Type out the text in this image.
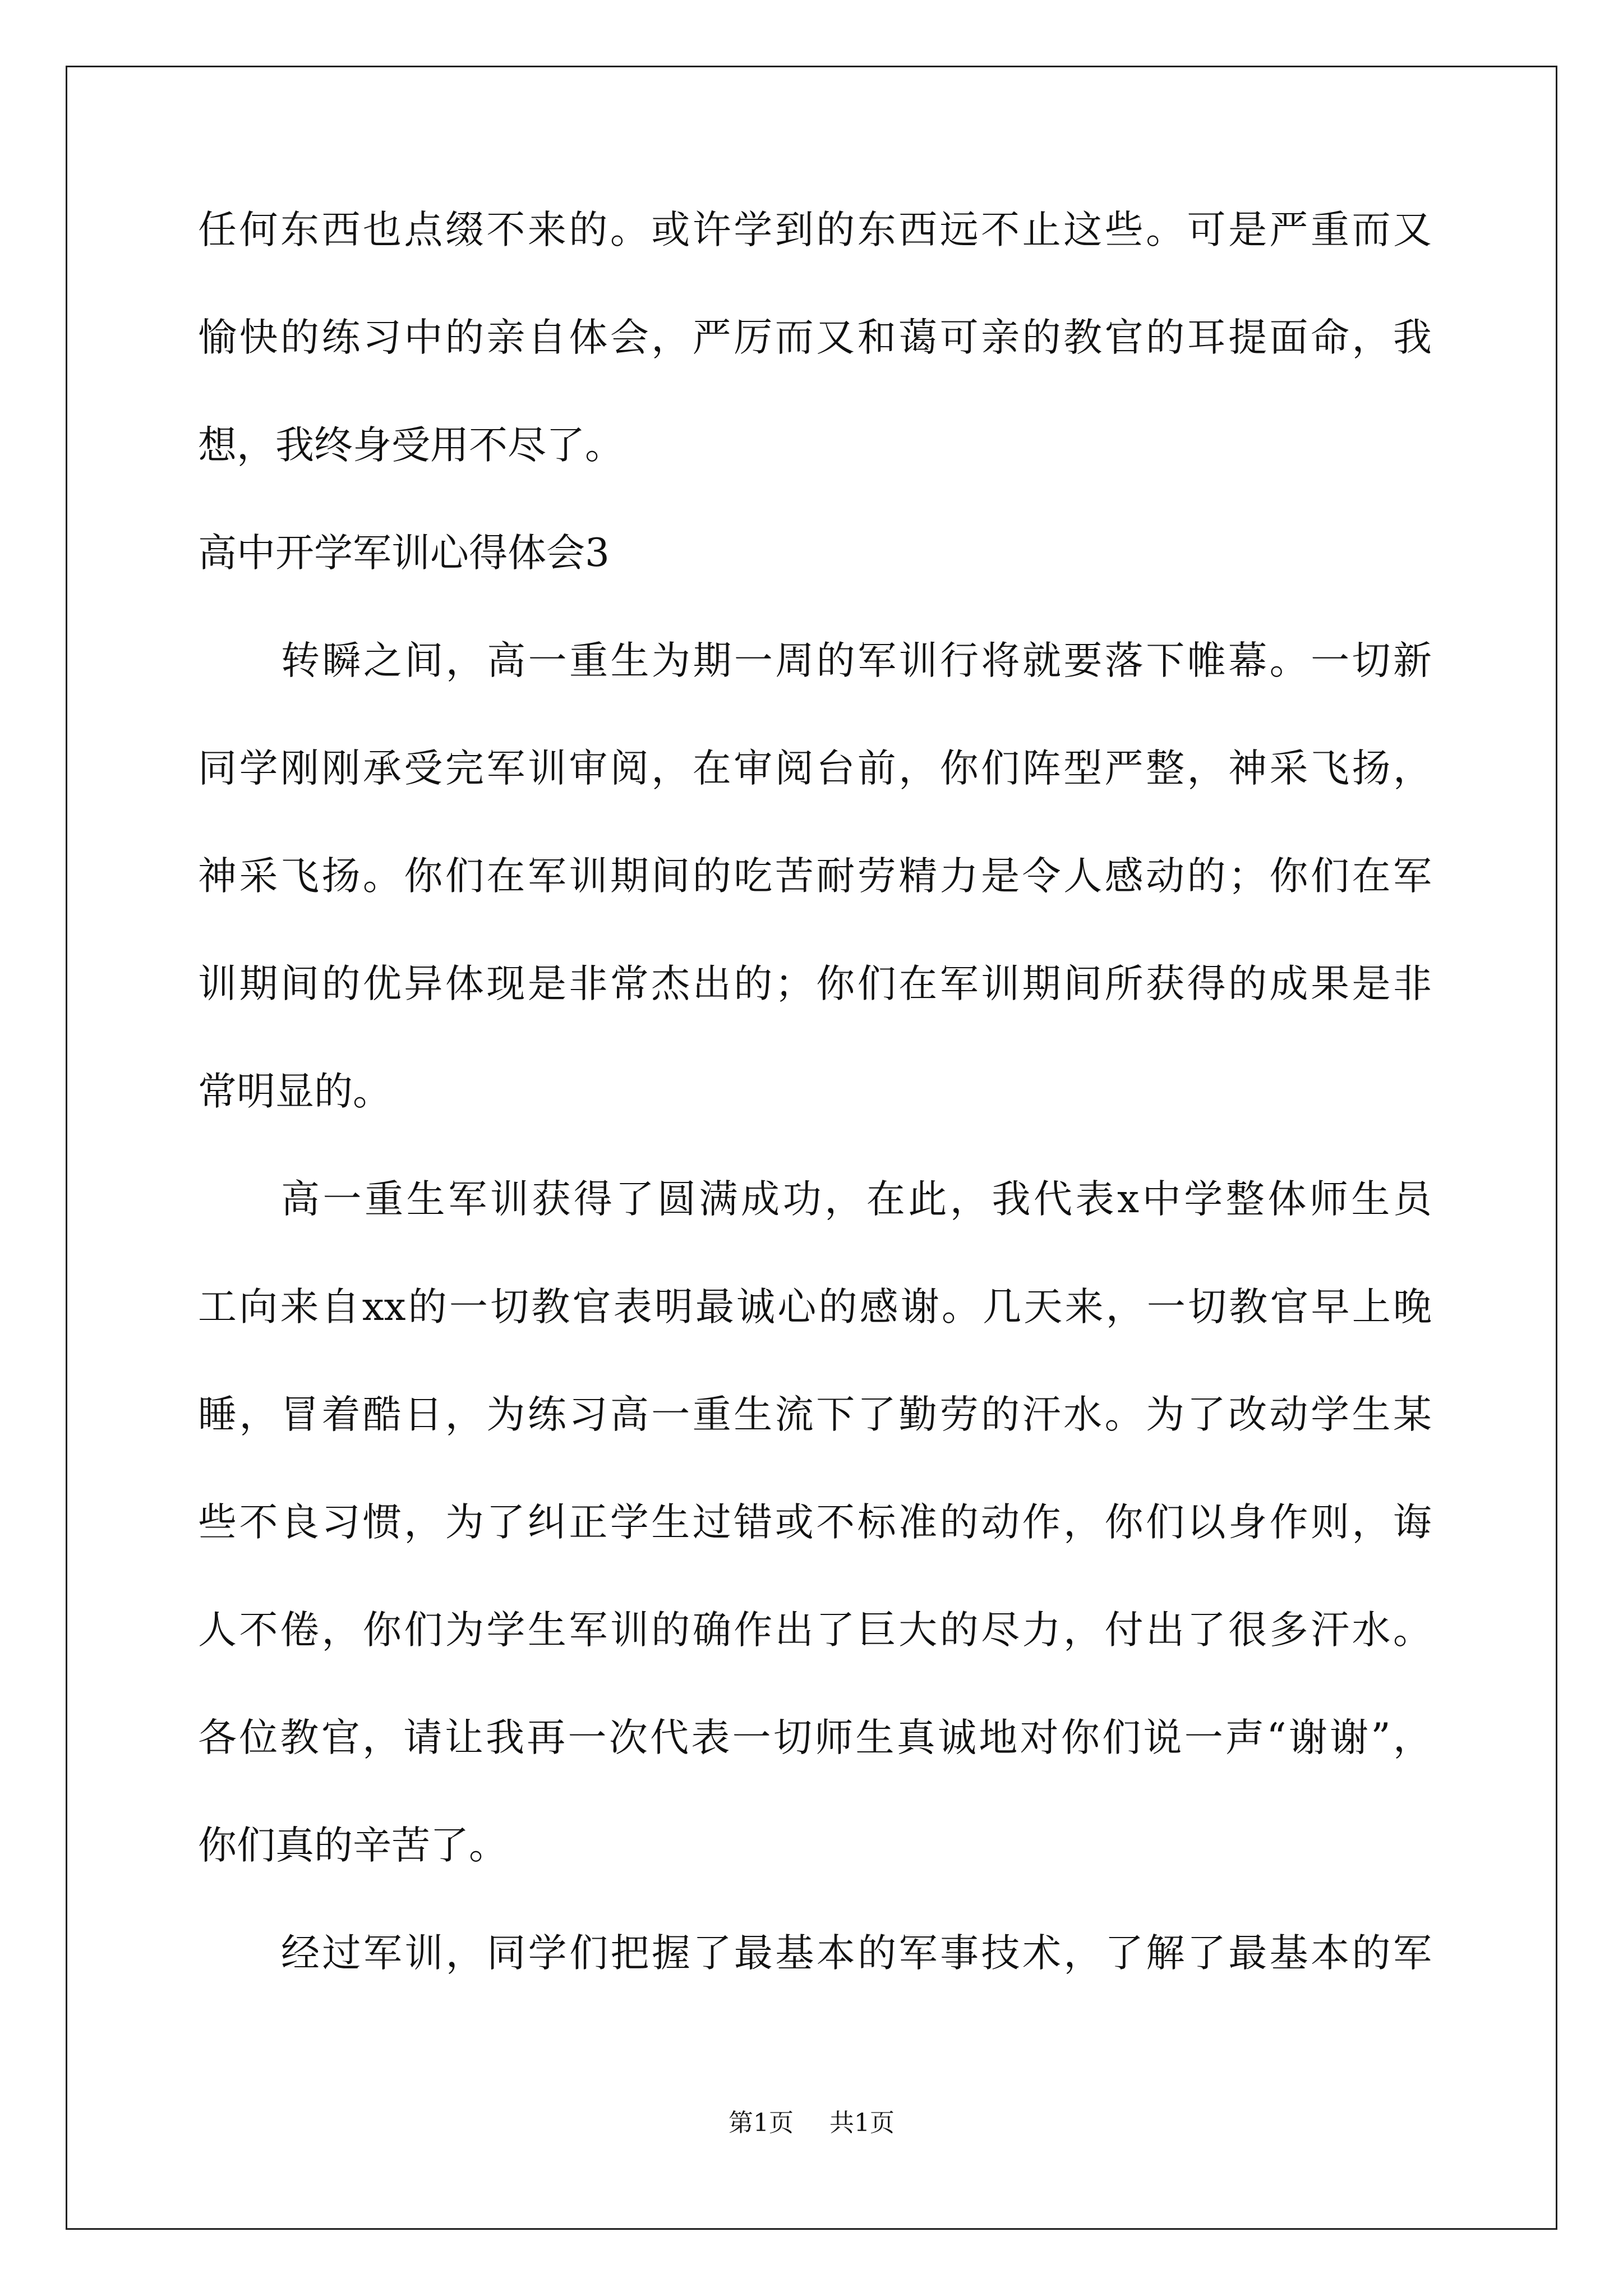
任何东西也点缀不来的。或许学到的东西远不止这些。可是严重而又
愉快的练习中的亲自体会，严厉而又和蔼可亲的教官的耳提面命，我
想，我终身受用不尽了。
高中开学军训心得体会3
转瞬之间，高一重生为期一周的军训行将就要落下帷幕。一切新
同学刚刚承受完军训审阅，在审阅台前，你们阵型严整，神采飞扬，
神采飞扬。你们在军训期间的吃苦耐劳精力是令人感动的；你们在军
训期间的优异体现是非常杰出的；你们在军训期间所获得的成果是非
常明显的。
高一重生军训获得了圆满成功，在此，我代表x中学整体师生员
工向来自xx的一切教官表明最诚心的感谢。几天来，一切教官早上晚
睡，冒着酷日，为练习高一重生流下了勤劳的汗水。为了改动学生某
些不良习惯，为了纠正学生过错或不标准的动作，你们以身作则，诲
人不倦，你们为学生军训的确作出了巨大的尽力，付出了很多汗水。
各位教官，请让我再一次代表一切师生真诚地对你们说一声“谢谢”，
你们真的辛苦了。
经过军训，同学们把握了最基本的军事技术，了解了最基本的军
第1页 共1页
